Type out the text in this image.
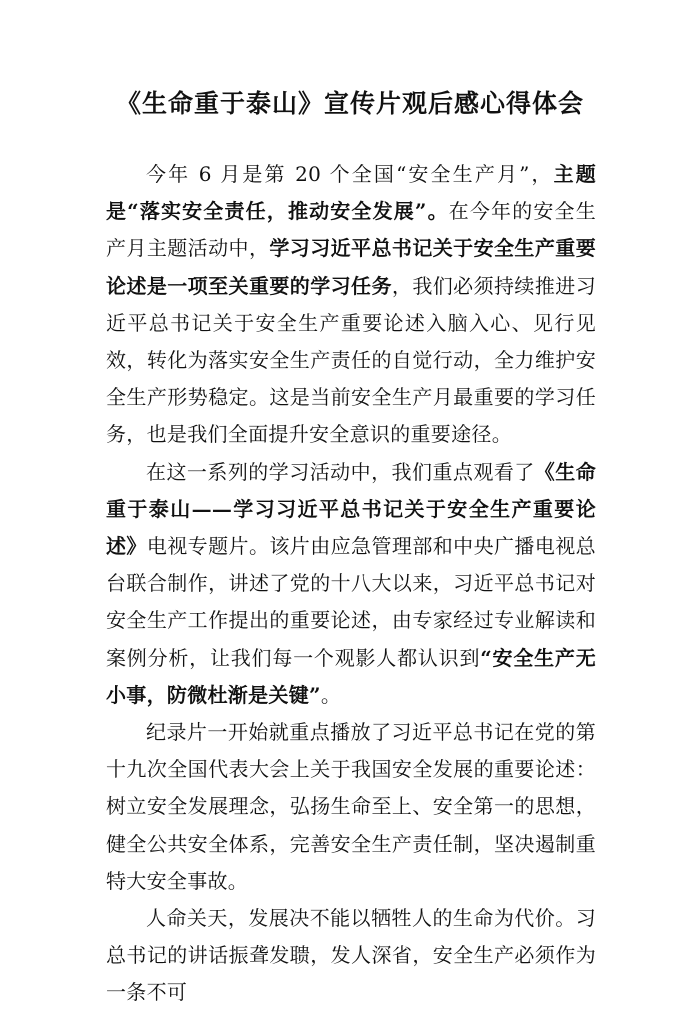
《生命重于泰山》宣传片观后感心得体会

今年 6 月是第 20 个全国“安全生产月”，主题是“落实安全责任，推动安全发展”。在今年的安全生产月主题活动中，学习习近平总书记关于安全生产重要论述是一项至关重要的学习任务，我们必须持续推进习近平总书记关于安全生产重要论述入脑入心、见行见效，转化为落实安全生产责任的自觉行动，全力维护安全生产形势稳定。这是当前安全生产月最重要的学习任务，也是我们全面提升安全意识的重要途径。

在这一系列的学习活动中，我们重点观看了《生命重于泰山——学习习近平总书记关于安全生产重要论述》电视专题片。该片由应急管理部和中央广播电视总台联合制作，讲述了党的十八大以来，习近平总书记对安全生产工作提出的重要论述，由专家经过专业解读和案例分析，让我们每一个观影人都认识到“安全生产无小事，防微杜渐是关键”。

纪录片一开始就重点播放了习近平总书记在党的第十九次全国代表大会上关于我国安全发展的重要论述：树立安全发展理念，弘扬生命至上、安全第一的思想，健全公共安全体系，完善安全生产责任制，坚决遏制重特大安全事故。

人命关天，发展决不能以牺牲人的生命为代价。习总书记的讲话振聋发聩，发人深省，安全生产必须作为一条不可
